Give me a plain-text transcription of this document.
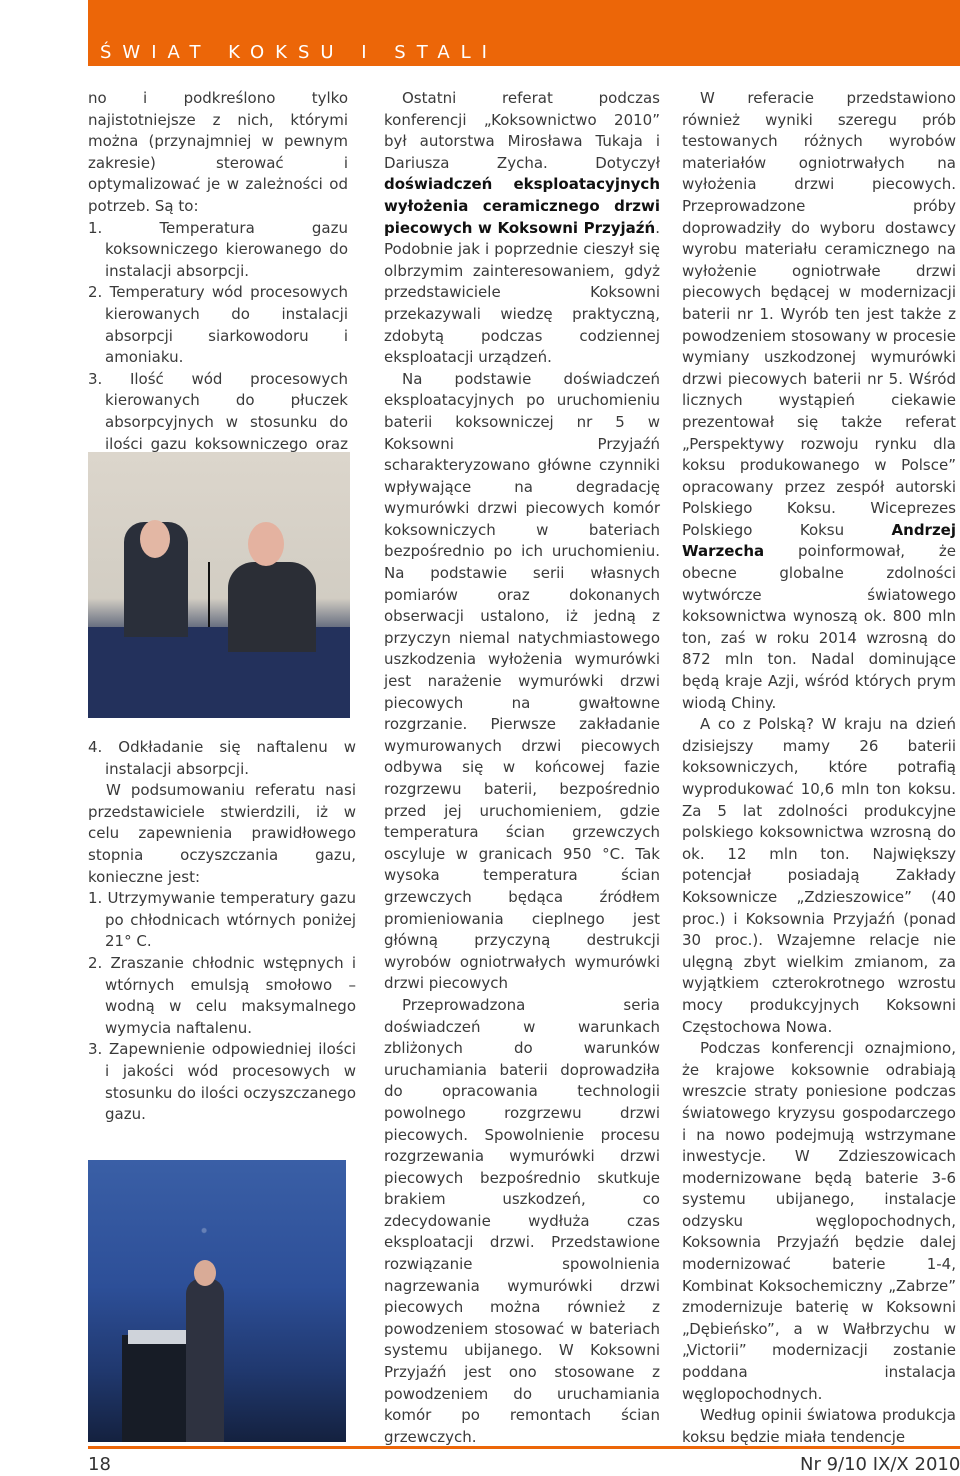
ŚWIAT KOKSU I STALI

no i podkreślono tylko najistotniejsze z nich, którymi można (przynajmniej w pewnym zakresie) sterować i optymalizować je w zależności od potrzeb. Są to:

1. Temperatura gazu koksowniczego kierowanego do instalacji absorpcji.
2. Temperatury wód procesowych kierowanych do instalacji absorpcji siarkowodoru i amoniaku.
3. Ilość wód procesowych kierowanych do płuczek absorpcyjnych w stosunku do ilości gazu koksowniczego oraz
4. Odkładanie się naftalenu w instalacji absorpcji.

W podsumowaniu referatu nasi przedstawiciele stwierdzili, iż w celu zapewnienia prawidłowego stopnia oczyszczania gazu, konieczne jest:

1. Utrzymywanie temperatury gazu po chłodnicach wtórnych poniżej 21° C.
2. Zraszanie chłodnic wstępnych i wtórnych emulsją smołowo – wodną w celu maksymalnego wymycia naftalenu.
3. Zapewnienie odpowiedniej ilości i jakości wód procesowych w stosunku do ilości oczyszczanego gazu.

Ostatni referat podczas konferencji „Koksownictwo 2010” był autorstwa Mirosława Tukaja i Dariusza Zycha. Dotyczył doświadczeń eksploatacyjnych wyłożenia ceramicznego drzwi piecowych w Koksowni Przyjaźń. Podobnie jak i poprzednie cieszył się olbrzymim zainteresowaniem, gdyż przedstawiciele Koksowni przekazywali wiedzę praktyczną, zdobytą podczas codziennej eksploatacji urządzeń.

Na podstawie doświadczeń eksploatacyjnych po uruchomieniu baterii koksowniczej nr 5 w Koksowni Przyjaźń scharakteryzowano główne czynniki wpływające na degradację wymurówki drzwi piecowych komór koksowniczych w bateriach bezpośrednio po ich uruchomieniu. Na podstawie serii własnych pomiarów oraz dokonanych obserwacji ustalono, iż jedną z przyczyn niemal natychmiastowego uszkodzenia wyłożenia wymurówki jest narażenie wymurówki drzwi piecowych na gwałtowne rozgrzanie. Pierwsze zakładanie wymurowanych drzwi piecowych odbywa się w końcowej fazie rozgrzewu baterii, bezpośrednio przed jej uruchomieniem, gdzie temperatura ścian grzewczych oscyluje w granicach 950 °C. Tak wysoka temperatura ścian grzewczych będąca źródłem promieniowania cieplnego jest główną przyczyną destrukcji wyrobów ogniotrwałych wymurówki drzwi piecowych

Przeprowadzona seria doświadczeń w warunkach zbliżonych do warunków uruchamiania baterii doprowadziła do opracowania technologii powolnego rozgrzewu drzwi piecowych. Spowolnienie procesu rozgrzewania wymurówki drzwi piecowych bezpośrednio skutkuje brakiem uszkodzeń, co zdecydowanie wydłuża czas eksploatacji drzwi. Przedstawione rozwiązanie spowolnienia nagrzewania wymurówki drzwi piecowych można również z powodzeniem stosować w bateriach systemu ubijanego. W Koksowni Przyjaźń jest ono stosowane z powodzeniem do uruchamiania komór po remontach ścian grzewczych.

W referacie przedstawiono również wyniki szeregu prób testowanych różnych wyrobów materiałów ogniotrwałych na wyłożenia drzwi piecowych. Przeprowadzone próby doprowadziły do wyboru dostawcy wyrobu materiału ceramicznego na wyłożenie ogniotrwałe drzwi piecowych będącej w modernizacji baterii nr 1. Wyrób ten jest także z powodzeniem stosowany w procesie wymiany uszkodzonej wymurówki drzwi piecowych baterii nr 5. Wśród licznych wystąpień ciekawie prezentował się także referat „Perspektywy rozwoju rynku dla koksu produkowanego w Polsce” opracowany przez zespół autorski Polskiego Koksu. Wiceprezes Polskiego Koksu Andrzej Warzecha poinformował, że obecne globalne zdolności wytwórcze światowego koksownictwa wynoszą ok. 800 mln ton, zaś w roku 2014 wzrosną do 872 mln ton. Nadal dominujące będą kraje Azji, wśród których prym wiodą Chiny.

A co z Polską? W kraju na dzień dzisiejszy mamy 26 baterii koksowniczych, które potrafią wyprodukować 10,6 mln ton koksu. Za 5 lat zdolności produkcyjne polskiego koksownictwa wzrosną do ok. 12 mln ton. Największy potencjał posiadają Zakłady Koksownicze „Zdzieszowice” (40 proc.) i Koksownia Przyjaźń (ponad 30 proc.). Wzajemne relacje nie ulęgną zbyt wielkim zmianom, za wyjątkiem czterokrotnego wzrostu mocy produkcyjnych Koksowni Częstochowa Nowa.

Podczas konferencji oznajmiono, że krajowe koksownie odrabiają wreszcie straty poniesione podczas światowego kryzysu gospodarczego i na nowo podejmują wstrzymane inwestycje. W Zdzieszowicach modernizowane będą baterie 3-6 systemu ubijanego, instalacje odzysku węglopochodnych, Koksownia Przyjaźń będzie dalej modernizować baterie 1-4, Kombinat Koksochemiczny „Zabrze” zmodernizuje baterię w Koksowni „Dębieńsko”, a w Wałbrzychu w „Victorii” modernizacji zostanie poddana instalacja węglopochodnych.

Według opinii światowa produkcja koksu będzie miała tendencje

18	Nr 9/10 IX/X 2010
